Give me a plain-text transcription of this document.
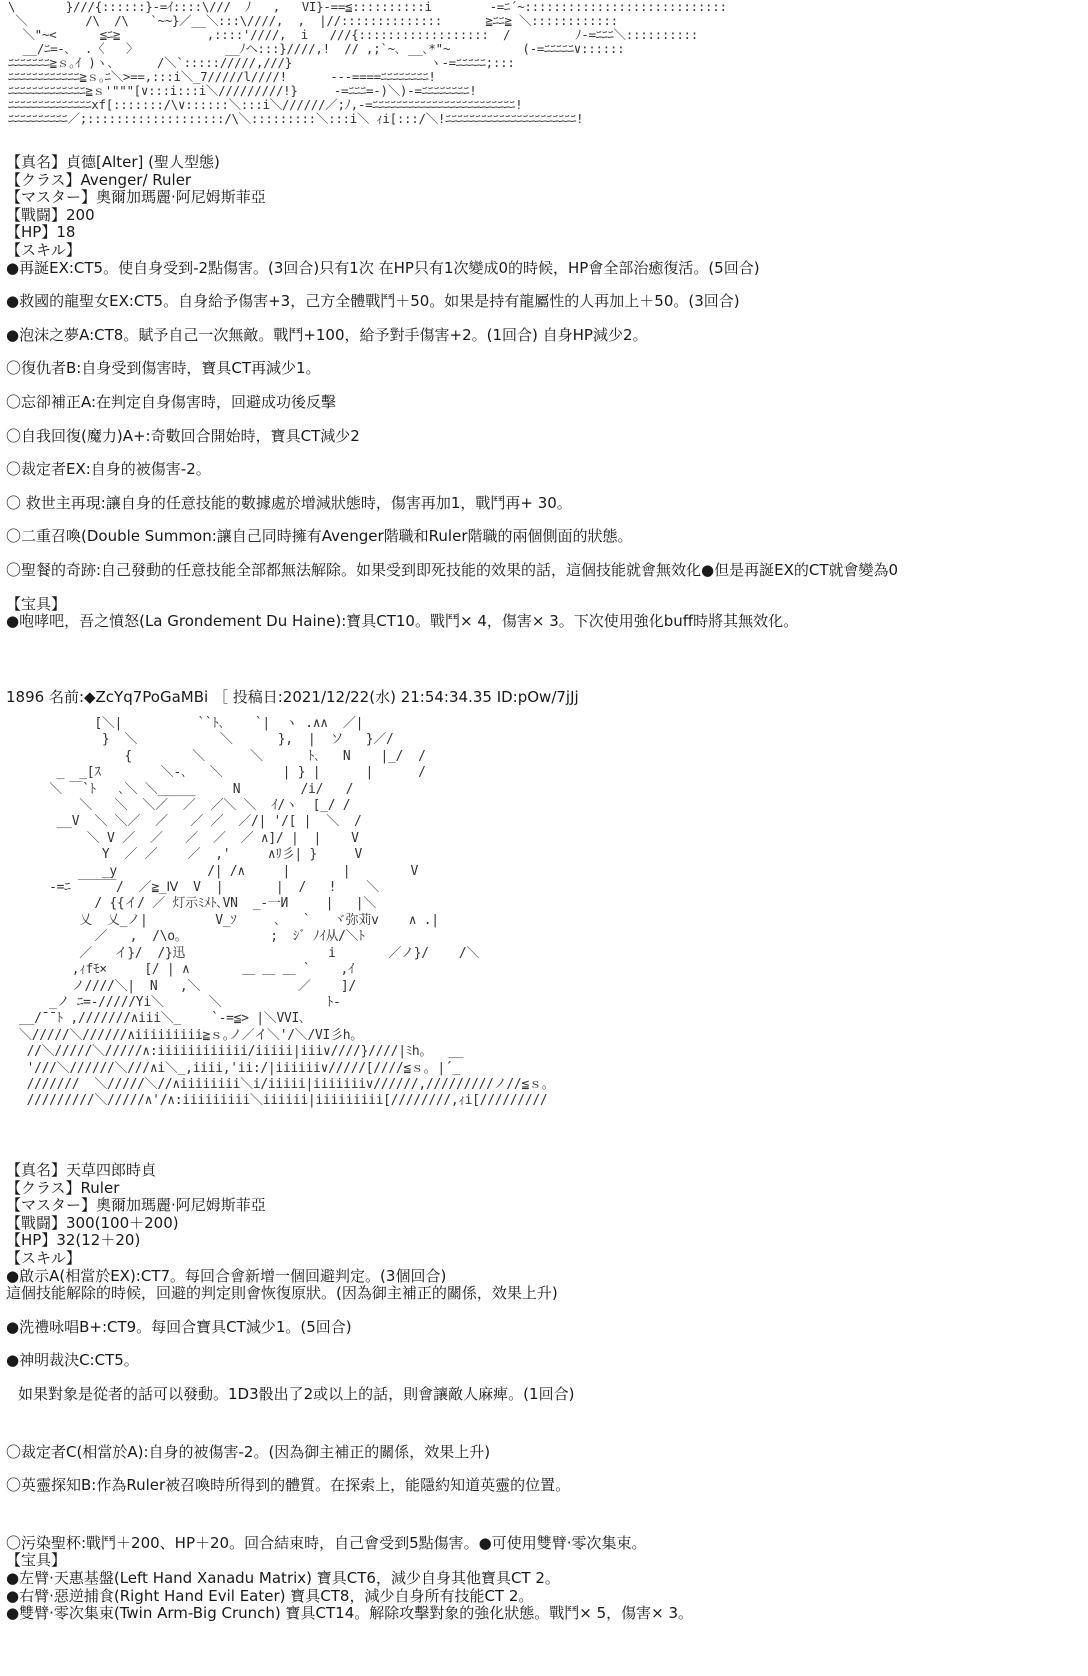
\       }///{::::::}-=ｲ::::\///  ﾉ   ,   VI}-==≦::::::::::i        -=ﾆ´~::::::::::::::::::::::::::::
＼        /\  /\   `~~}／__＼:::\////,  ,  |//::::::::::::::      ≧ﾆﾆ≧ ＼::::::::::::
＼"~<      ≦ﾆ≧            ,::::'////,  i   ///{::::::::::::::::::  /         ﾉ-=ﾆﾆﾆ＼::::::::::
__/ﾆ=-､  .〈   〉            __ﾉヘ:::}////,!  // ,;`~､ __､*"~          (-=ﾆﾆﾆﾆﾆ∨::::::
ﾆﾆﾆﾆﾆﾆﾆ≧ｓ｡ｲ )ヽ､      /＼`::::://///,///}                   ヽ-=ﾆﾆﾆﾆﾆ;:::
ﾆﾆﾆﾆﾆﾆﾆﾆﾆﾆﾆﾆ≧ｓ｡ﾆ＼>==,:::i＼_7/////l////!      ---====ﾆﾆﾆﾆﾆﾆﾆﾆ!
ﾆﾆﾆﾆﾆﾆﾆﾆﾆﾆﾆﾆﾆ≧ｓ'"""[∨:::i:::i＼/////////!}     -=ﾆﾆﾆ=-)＼)-=ﾆﾆﾆﾆﾆﾆﾆﾆ!
ﾆﾆﾆﾆﾆﾆﾆﾆﾆﾆﾆﾆﾆﾆxf[:::::::/\∨::::::＼:::i＼//////／;ﾉ,-=ﾆﾆﾆﾆﾆﾆﾆﾆﾆﾆﾆﾆﾆﾆﾆﾆﾆﾆﾆﾆﾆﾆﾆﾆ!
ﾆﾆﾆﾆﾆﾆﾆﾆﾆﾆ／;:::::::::::::::::::/\＼:::::::::＼:::i＼ ｨi[:::/＼!ﾆﾆﾆﾆﾆﾆﾆﾆﾆﾆﾆﾆﾆﾆﾆﾆﾆﾆﾆﾆﾆﾆ!
【真名】貞德[Alter] (聖人型態)
【クラス】Avenger/ Ruler
【マスター】奧爾加瑪麗·阿尼姆斯菲亞
【戰闘】200
【HP】18
【スキル】
●再誕EX:CT5。使自身受到-2點傷害。(3回合)只有1次 在HP只有1次變成0的時候，HP會全部治癒復活。(5回合)
●救國的龍聖女EX:CT5。自身給予傷害+3，己方全體戰鬥＋50。如果是持有龍屬性的人再加上＋50。(3回合)
●泡沫之夢A:CT8。賦予自己一次無敵。戰鬥+100，給予對手傷害+2。(1回合) 自身HP減少2。
〇復仇者B:自身受到傷害時，寶具CT再減少1。
〇忘卻補正A:在判定自身傷害時，回避成功後反擊
〇自我回復(魔力)A+:奇數回合開始時，寶具CT減少2
〇裁定者EX:自身的被傷害-2。
〇 救世主再現:讓自身的任意技能的數據處於增減狀態時，傷害再加1，戰鬥再+ 30。
〇二重召喚(Double Summon:讓自己同時擁有Avenger階職和Ruler階職的兩個側面的狀態。
〇聖餐的奇跡:自己發動的任意技能全部都無法解除。如果受到即死技能的效果的話，這個技能就會無效化●但是再誕EX的CT就會變為0
【宝具】
●咆哮吧，吾之憤怒(La Grondement Du Haine):寶具CT10。戰鬥× 4，傷害× 3。下次使用強化buff時將其無效化。
1896 名前:◆ZcYq7PoGaMBi ［ 投稿日:2021/12/22(水) 21:54:34.35 ID:pOw/7jJj
[＼|          ``ﾄ､    `|  ヽ .∧∧  ／|
}  ＼           ＼      },  |  ソ   }／/
{        ＼      ＼      ﾄ､   N    |_/  /
_  _[ｽ        ＼-､   ＼        | } |      |      /
＼ ￣`ﾄ   ､＼ ＼_____     N        /i/   /
＼   ＼  ＼／  ／  ／＼ ＼  ｲ/ヽ  [_/ /
__V  ＼ ＼／  ／   ／ ／  ／/| '/[ |  ＼  /
＼ V ／  ／   ／  ／  ／ ∧]/ |  |    V
Y  ／ ／    ／  ,'     ∧ﾘ彡| }     V
_y            /| /∧     |       |        V
-=ﾆ ￣￣￣/  ／≧_Ⅳ  V  |       |  /   !    ＼
/ {{イ/ ／ 灯示ﾐﾒﾄ､VN  _-一И     |   |＼
乂  乂_ノ|         V_ｿ     ､   `   ヾ弥苅v    ∧ .|
／   ,  /\o。           ;  ｼﾞ ﾉｲ从/＼ﾄ
／   イ}/  /}迅                   i       ／ノ}/    /＼
,ｨfﾓ×     [/ | ∧       ＿ ＿ ＿ `    ,ｲ
ノ////＼|  N   ,＼             ／    ]/
_ノ ﾆ=-/////Yi＼      ＼              ﾄ-
__/¯¯ﾄ ,///////∧iii＼_    `-=≦> |＼VVI､
＼/////＼//////∧iiiiiiiii≧ｓ｡ノ／イ＼'/＼/VI彡h｡
//＼/////＼/////∧:iiiiiiiiiiii/iiiii|iii∨////}////|ﾐh｡   __
'///＼//////＼///∧i＼_,iiii,'ii:/|iiiiii∨/////[////≦ｓ｡ |´_
///////  ＼/////＼//∧iiiiiiii＼i/iiiii|iiiiiii∨//////,/////////ノ//≦ｓ｡
/////////＼/////∧'/∧:iiiiiiiii＼iiiiii|iiiiiiiii[////////,ｨi[/////////
【真名】天草四郎時貞
【クラス】Ruler
【マスター】奧爾加瑪麗·阿尼姆斯菲亞
【戰闘】300(100＋200)
【HP】32(12＋20)
【スキル】
●啟示A(相當於EX):CT7。每回合會新增一個回避判定。(3個回合)
這個技能解除的時候，回避的判定則會恢復原狀。(因為御主補正的關係，效果上升)
●洗禮咏唱B+:CT9。每回合寶具CT減少1。(5回合)
●神明裁決C:CT5。
如果對象是從者的話可以發動。1D3骰出了2或以上的話，則會讓敵人麻痺。(1回合)
〇裁定者C(相當於A):自身的被傷害-2。(因為御主補正的關係，效果上升)
〇英靈探知B:作為Ruler被召喚時所得到的體質。在探索上，能隱約知道英靈的位置。
〇污染聖杯:戰鬥＋200、HP＋20。回合結束時，自己會受到5點傷害。●可使用雙臂·零次集束。
【宝具】
●左臂·天惠基盤(Left Hand Xanadu Matrix) 寶具CT6，減少自身其他寶具CT 2。
●右臂·惡逆捕食(Right Hand Evil Eater) 寶具CT8，減少自身所有技能CT 2。
●雙臂·零次集束(Twin Arm-Big Crunch) 寶具CT14。解除攻擊對象的強化狀態。戰鬥× 5，傷害× 3。
